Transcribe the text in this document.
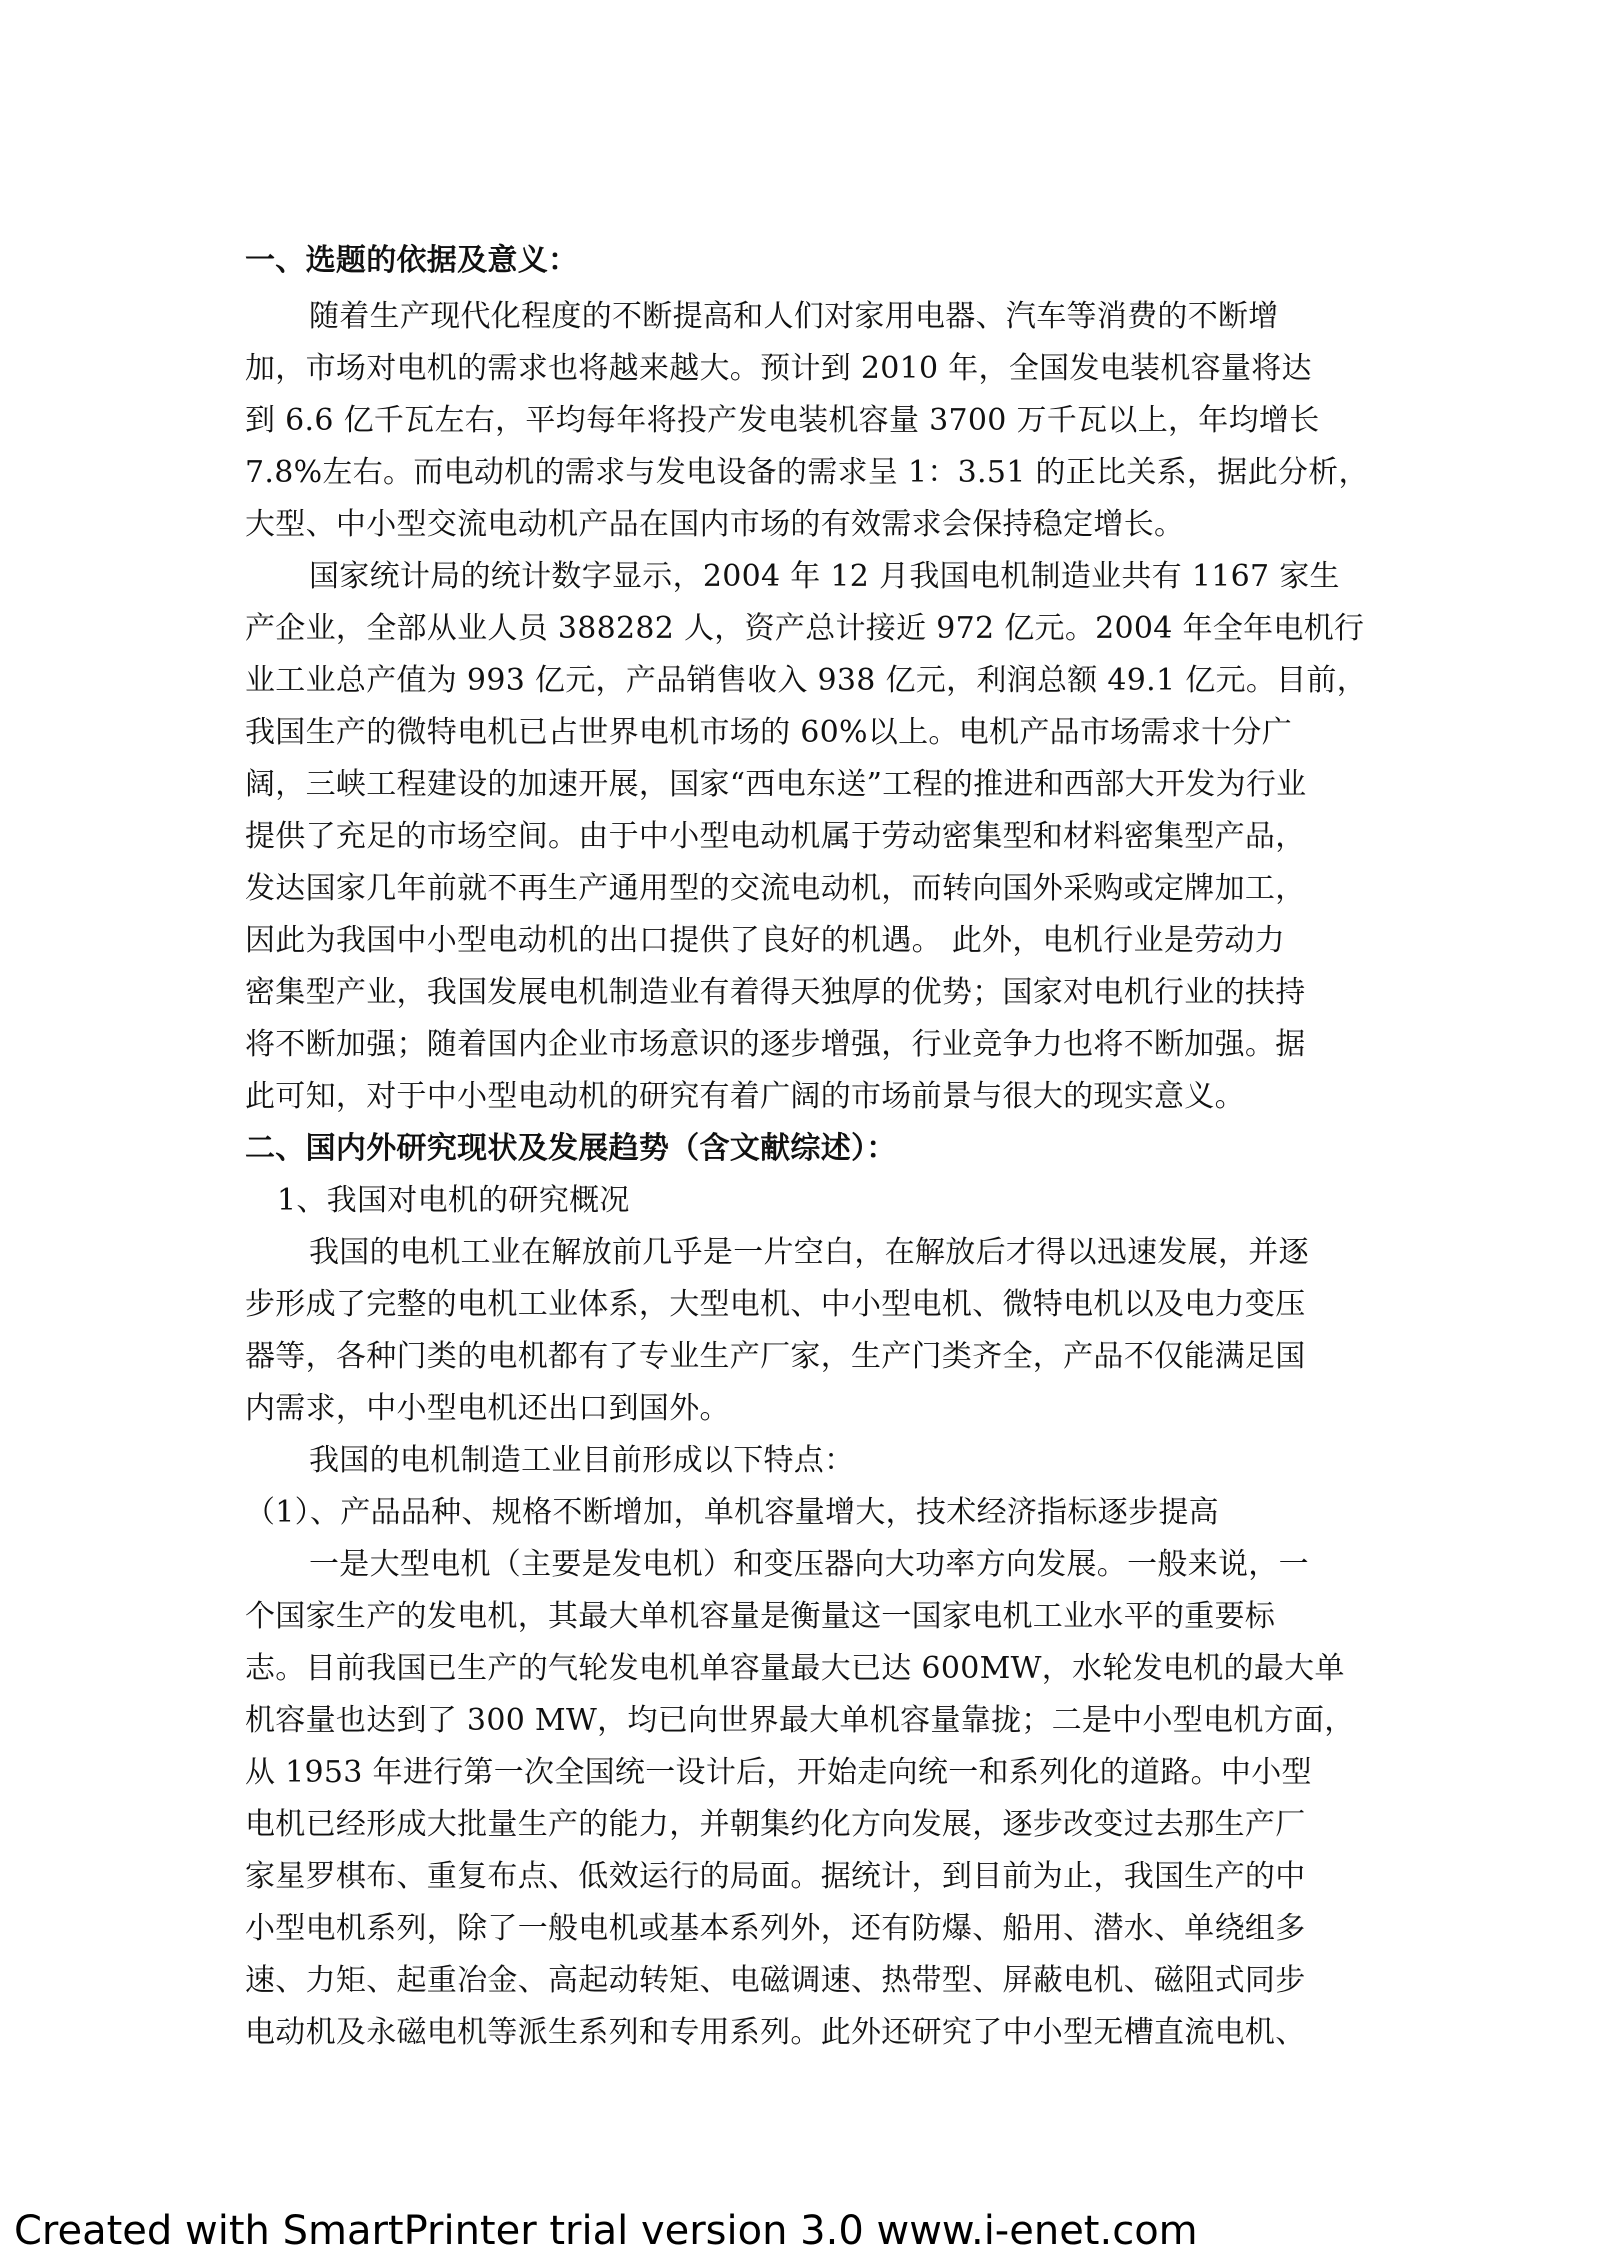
一、选题的依据及意义：
随着生产现代化程度的不断提高和人们对家用电器、汽车等消费的不断增
加，市场对电机的需求也将越来越大。预计到 2010 年，全国发电装机容量将达
到 6.6 亿千瓦左右，平均每年将投产发电装机容量 3700 万千瓦以上，年均增长
7.8%左右。而电动机的需求与发电设备的需求呈 1：3.51 的正比关系，据此分析，
大型、中小型交流电动机产品在国内市场的有效需求会保持稳定增长。
国家统计局的统计数字显示，2004 年 12 月我国电机制造业共有 1167 家生
产企业，全部从业人员 388282 人，资产总计接近 972 亿元。2004 年全年电机行
业工业总产值为 993 亿元，产品销售收入 938 亿元，利润总额 49.1 亿元。目前，
我国生产的微特电机已占世界电机市场的 60%以上。电机产品市场需求十分广
阔，三峡工程建设的加速开展，国家“西电东送”工程的推进和西部大开发为行业
提供了充足的市场空间。由于中小型电动机属于劳动密集型和材料密集型产品，
发达国家几年前就不再生产通用型的交流电动机，而转向国外采购或定牌加工，
因此为我国中小型电动机的出口提供了良好的机遇。 此外，电机行业是劳动力
密集型产业，我国发展电机制造业有着得天独厚的优势；国家对电机行业的扶持
将不断加强；随着国内企业市场意识的逐步增强，行业竞争力也将不断加强。据
此可知，对于中小型电动机的研究有着广阔的市场前景与很大的现实意义。
二、国内外研究现状及发展趋势（含文献综述）：
1、我国对电机的研究概况
我国的电机工业在解放前几乎是一片空白，在解放后才得以迅速发展，并逐
步形成了完整的电机工业体系，大型电机、中小型电机、微特电机以及电力变压
器等，各种门类的电机都有了专业生产厂家，生产门类齐全，产品不仅能满足国
内需求，中小型电机还出口到国外。
我国的电机制造工业目前形成以下特点：
（1）、产品品种、规格不断增加，单机容量增大，技术经济指标逐步提高
一是大型电机（主要是发电机）和变压器向大功率方向发展。一般来说，一
个国家生产的发电机，其最大单机容量是衡量这一国家电机工业水平的重要标
志。目前我国已生产的气轮发电机单容量最大已达 600MW，水轮发电机的最大单
机容量也达到了 300 MW，均已向世界最大单机容量靠拢；二是中小型电机方面，
从 1953 年进行第一次全国统一设计后，开始走向统一和系列化的道路。中小型
电机已经形成大批量生产的能力，并朝集约化方向发展，逐步改变过去那生产厂
家星罗棋布、重复布点、低效运行的局面。据统计，到目前为止，我国生产的中
小型电机系列，除了一般电机或基本系列外，还有防爆、船用、潜水、单绕组多
速、力矩、起重冶金、高起动转矩、电磁调速、热带型、屏蔽电机、磁阻式同步
电动机及永磁电机等派生系列和专用系列。此外还研究了中小型无槽直流电机、
Created with SmartPrinter trial version 3.0 www.i-enet.com
